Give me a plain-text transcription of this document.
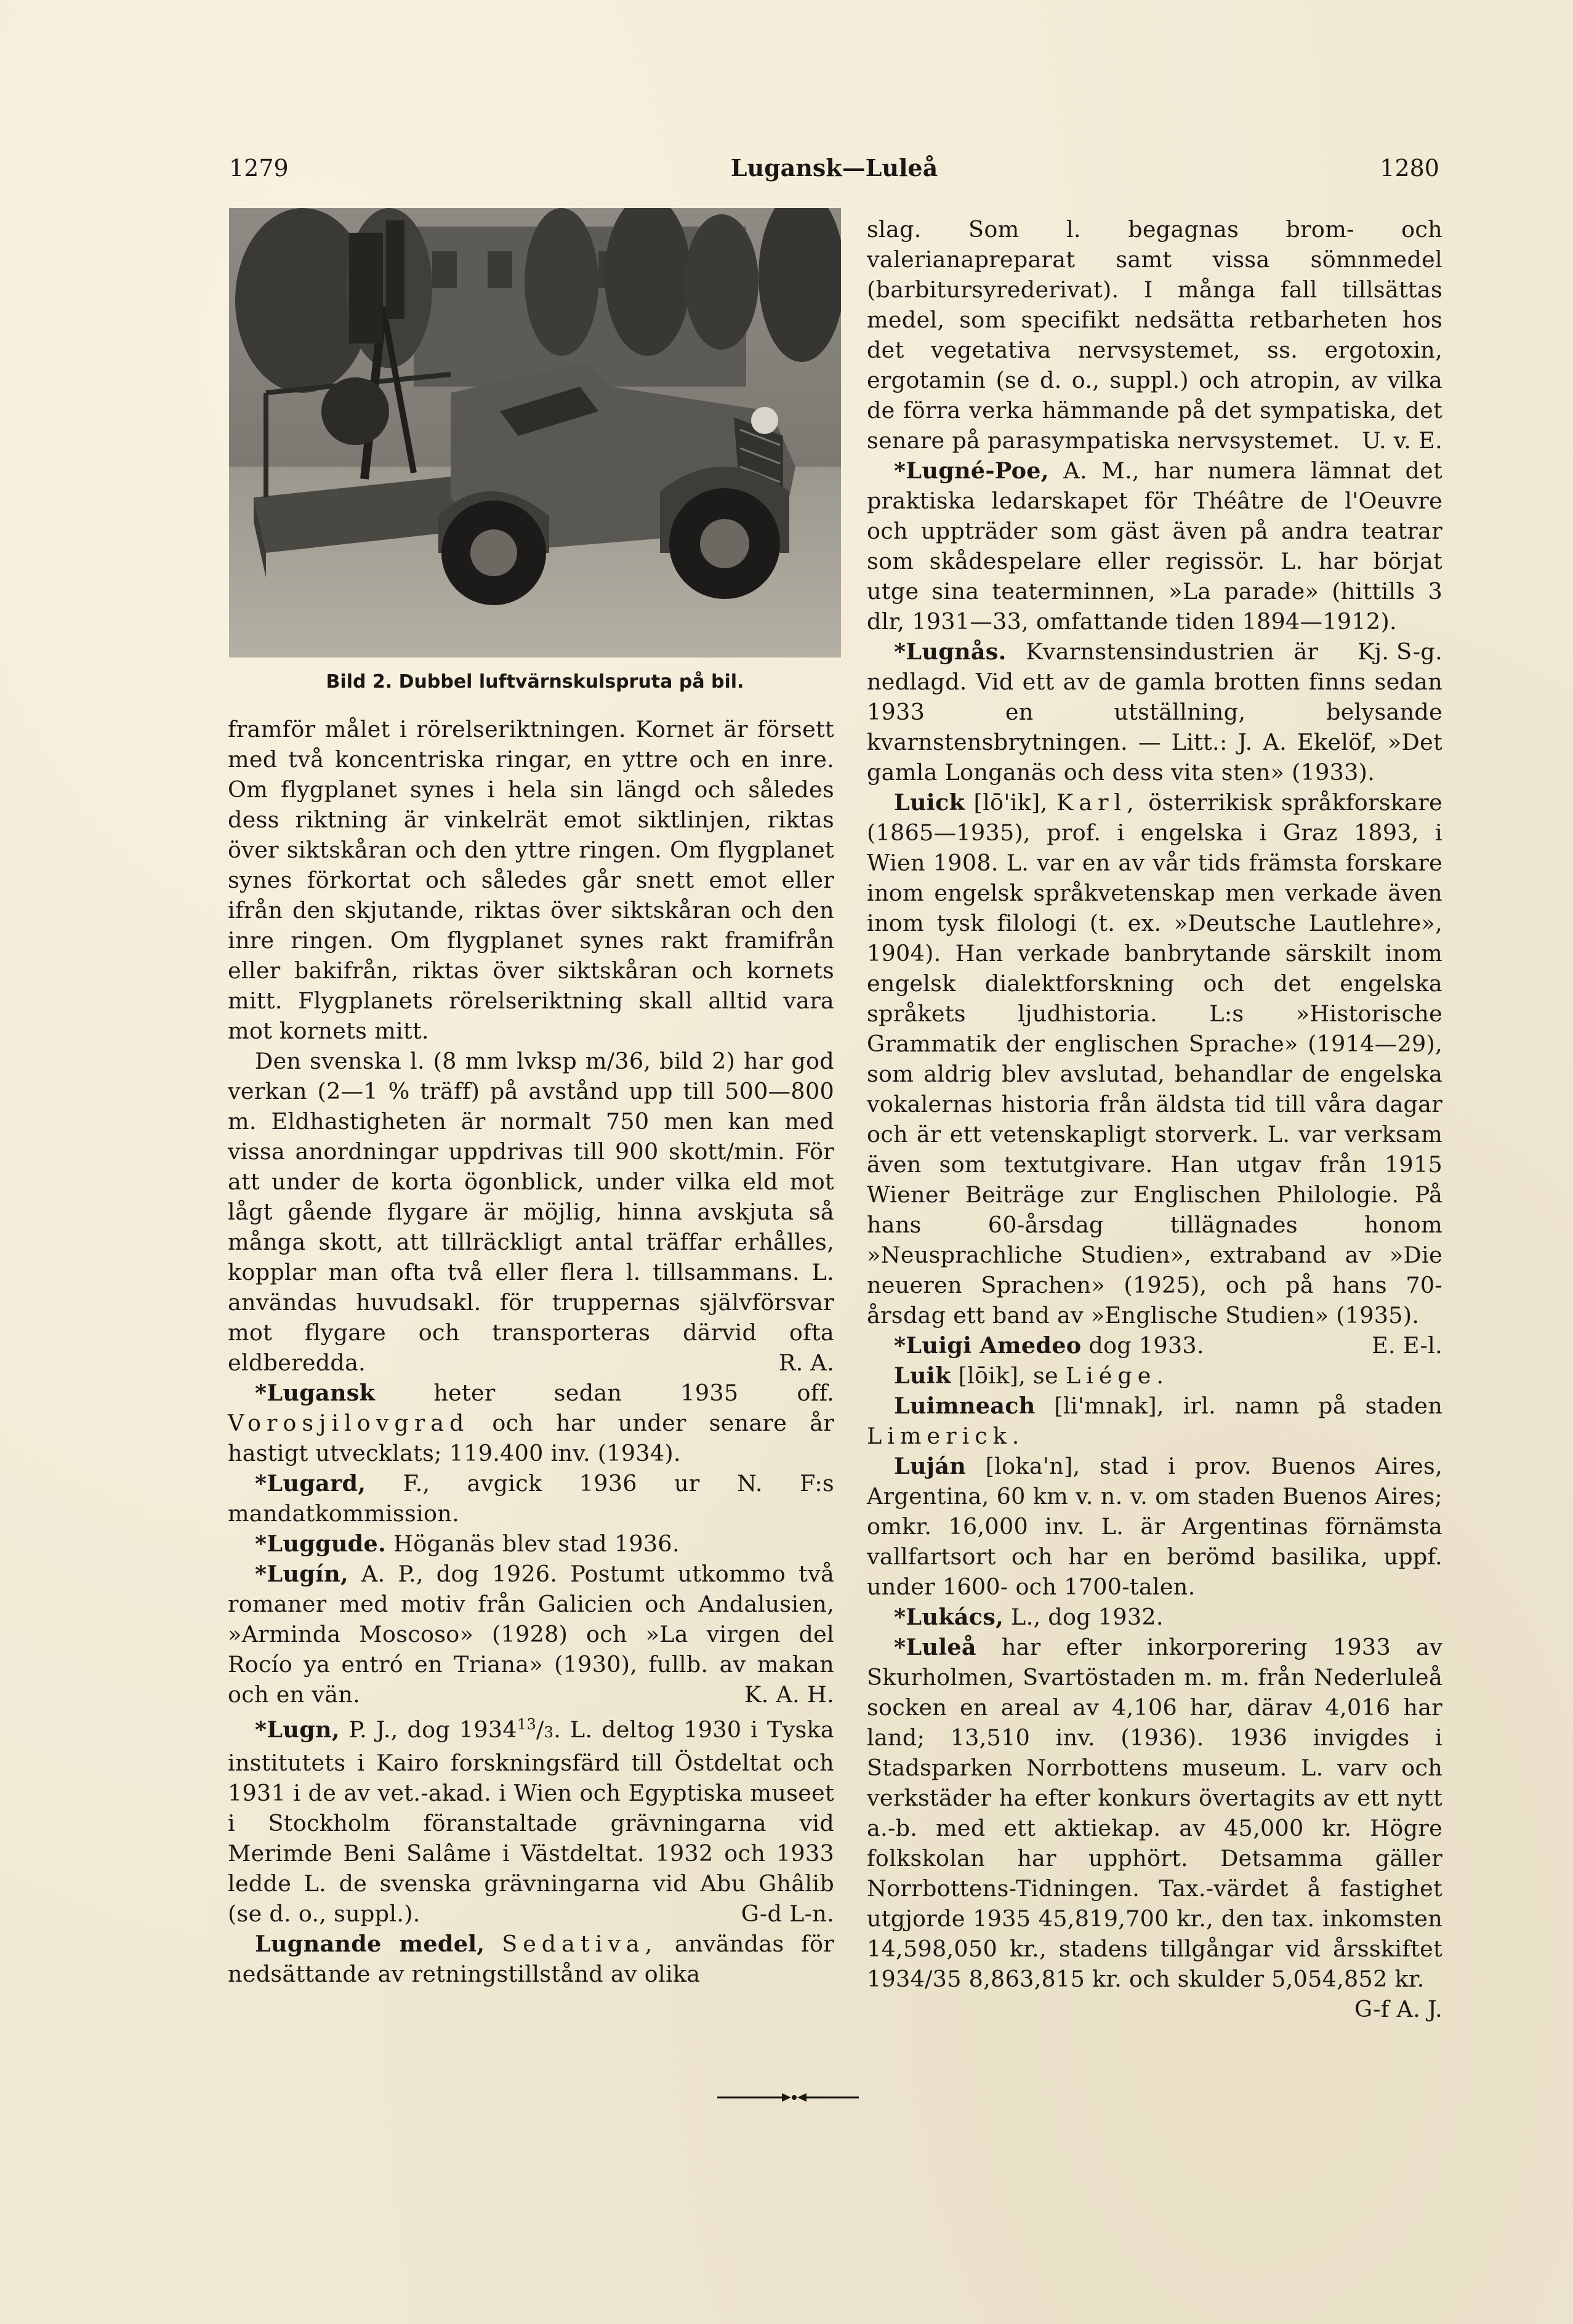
1279	Lugansk—Luleå	1280
Bild 2. Dubbel luftvärnskulspruta på bil.

framför målet i rörelseriktningen. Kornet är försett med två koncentriska ringar, en yttre och en inre. Om flygplanet synes i hela sin längd och således dess riktning är vinkelrät emot siktlinjen, riktas över siktskåran och den yttre ringen. Om flygplanet synes förkortat och således går snett emot eller ifrån den skjutande, riktas över siktskåran och den inre ringen. Om flygplanet synes rakt framifrån eller bakifrån, riktas över siktskåran och kornets mitt. Flygplanets rörelseriktning skall alltid vara mot kornets mitt.

Den svenska l. (8 mm lvksp m/36, bild 2) har god verkan (2—1 % träff) på avstånd upp till 500—800 m. Eldhastigheten är normalt 750 men kan med vissa anordningar uppdrivas till 900 skott/min. För att under de korta ögonblick, under vilka eld mot lågt gående flygare är möjlig, hinna avskjuta så många skott, att tillräckligt antal träffar erhålles, kopplar man ofta två eller flera l. tillsammans. L. användas huvudsakl. för truppernas självförsvar mot flygare och transporteras därvid ofta eldberedda.	R. A.

*Lugansk	heter sedan 1935 off. Vorosjilovgrad och har under senare år hastigt utvecklats; 119.400 inv. (1934).

*Lugard, F., avgick 1936 ur N. F:s mandatkommission.

*Luggude. Höganäs blev stad 1936.

*Lugín, A. P., dog 1926. Postumt utkommo två romaner med motiv från Galicien och Andalusien, »Arminda Moscoso» (1928) och »La virgen del Rocío ya entró en Triana» (1930), fullb. av makan och en vän.	K. A. H.

*Lugn, P. J., dog 1934$^{13}$/3. L. deltog 1930 i Tyska institutets i Kairo forskningsfärd till Östdeltat och 1931 i de av vet.-akad. i Wien och Egyptiska museet i Stockholm föranstaltade grävningarna vid Merimde Beni Salâme i Västdeltat. 1932 och 1933 ledde L. de svenska grävningarna vid Abu Ghâlib (se d. o., suppl.).	G-d L-n.

Lugnande medel, Sedativa, användas för nedsättande av retningstillstånd av olika

slag. Som l. begagnas brom- och valerianapreparat samt vissa sömnmedel (barbitursyrederivat). I många fall tillsättas medel, som specifikt nedsätta retbarheten hos det vegetativa nervsystemet, ss. ergotoxin, ergotamin (se d. o., suppl.) och atropin, av vilka de förra verka hämmande på det sympatiska, det senare på parasympatiska nervsystemet. U. v. E.

*Lugné-Poe, A. M., har numera lämnat det praktiska ledarskapet för Théâtre de l'Oeuvre och uppträder som gäst även på andra teatrar som skådespelare eller regissör. L. har börjat utge sina teaterminnen, »La parade» (hittills 3 dlr, 1931—33, omfattande tiden 1894—1912).
Kj. S-g.

*Lugnås. Kvarnstensindustrien är nedlagd. Vid ett av de gamla brotten finns sedan 1933 en utställning, belysande kvarnstensbrytningen. — Litt.: J. A. Ekelöf, »Det gamla Longanäs och dess vita sten» (1933).

Luick [lō'ik], Karl, österrikisk språkforskare (1865—1935), prof. i engelska i Graz 1893, i Wien 1908. L. var en av vår tids främsta forskare inom engelsk språkvetenskap men verkade även inom tysk filologi (t. ex. »Deutsche Lautlehre», 1904). Han verkade banbrytande särskilt inom engelsk dialektforskning och det engelska språkets ljudhistoria. L:s »Historische Grammatik der englischen Sprache» (1914—29), som aldrig blev avslutad, behandlar de engelska vokalernas historia från äldsta tid till våra dagar och är ett vetenskapligt storverk. L. var verksam även som textutgivare. Han utgav från 1915 Wiener Beiträge zur Englischen Philologie. På hans 60-årsdag tillägnades honom »Neusprachliche Studien», extraband av »Die neueren Sprachen» (1925), och på hans 70-årsdag ett band av »Englische Studien» (1935).
E. E-l.

*Luigi Amedeo dog 1933.

Luik [lōik], se Liége.

Luimneach [li'mnak], irl. namn på staden Limerick.

Luján [loka'n], stad i prov. Buenos Aires, Argentina, 60 km v. n. v. om staden Buenos Aires; omkr. 16,000 inv. L. är Argentinas förnämsta vallfartsort och har en berömd basilika, uppf. under 1600- och 1700-talen.

*Lukács, L., dog 1932.

*Luleå har efter inkorporering 1933 av Skurholmen, Svartöstaden m. m. från Nederluleå socken en areal av 4,106 har, därav 4,016 har land; 13,510 inv. (1936). 1936 invigdes i Stadsparken Norrbottens museum. L. varv och verkstäder ha efter konkurs övertagits av ett nytt a.-b. med ett aktiekap. av 45,000 kr. Högre folkskolan har upphört. Detsamma gäller Norrbottens-Tidningen. Tax.-värdet å fastighet utgjorde 1935 45,819,700 kr., den tax. inkomsten 14,598,050 kr., stadens tillgångar vid årsskiftet 1934/35 8,863,815 kr. och skulder 5,054,852 kr.
G-f A. J.
